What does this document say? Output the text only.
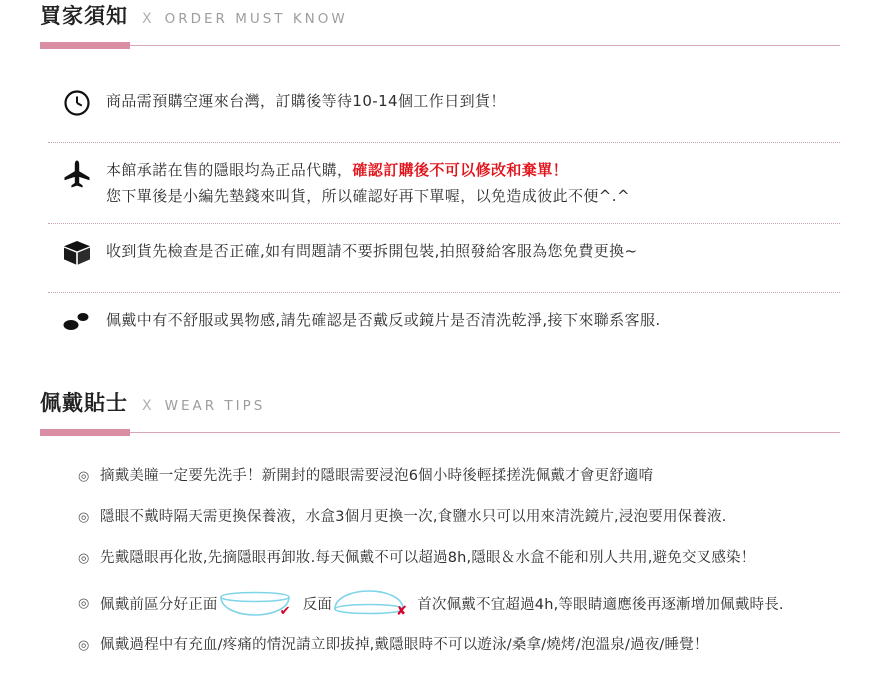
買家須知 X ORDER MUST KNOW
商品需預購空運來台灣，訂購後等待10-14個工作日到貨！
本館承諾在售的隱眼均為正品代購，確認訂購後不可以修改和棄單！
您下單後是小編先墊錢來叫貨，所以確認好再下單喔，以免造成彼此不便^.^
收到貨先檢查是否正確,如有問題請不要拆開包裝,拍照發給客服為您免費更換~
佩戴中有不舒服或異物感,請先確認是否戴反或鏡片是否清洗乾淨,接下來聯系客服.
佩戴貼士 X WEAR TIPS
◎ 摘戴美瞳一定要先洗手！新開封的隱眼需要浸泡6個小時後輕揉搓洗佩戴才會更舒適唷
◎ 隱眼不戴時隔天需更換保養液，水盒3個月更換一次,食鹽水只可以用來清洗鏡片,浸泡要用保養液.
◎ 先戴隱眼再化妝,先摘隱眼再卸妝.每天佩戴不可以超過8h,隱眼＆水盒不能和別人共用,避免交叉感染！
◎ 佩戴前區分好正面	✔ 反面	✘ 首次佩戴不宜超過4h,等眼睛適應後再逐漸增加佩戴時長.
◎ 佩戴過程中有充血/疼痛的情況請立即拔掉,戴隱眼時不可以遊泳/桑拿/燒烤/泡溫泉/過夜/睡覺！
